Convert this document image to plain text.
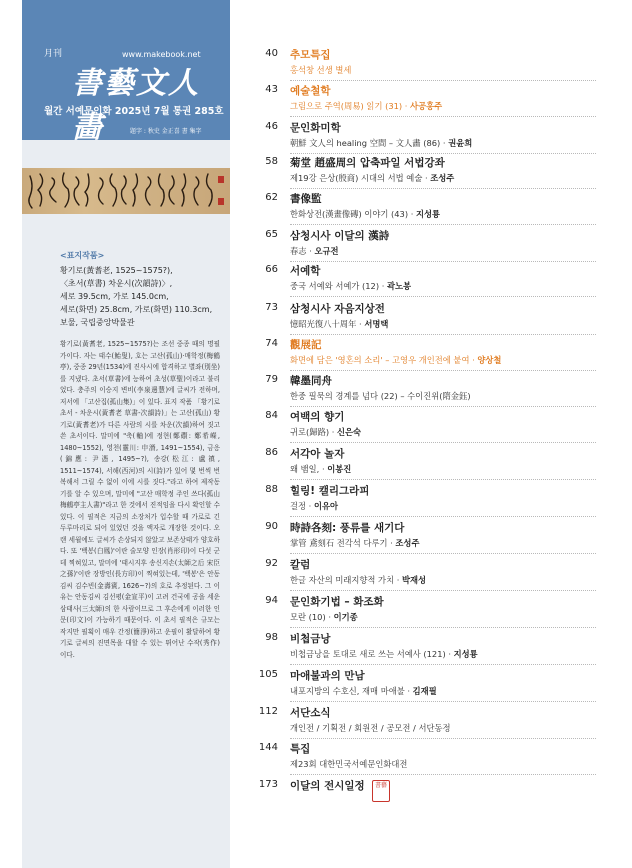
月刊	www.makebook.net
書藝文人畵
월간 서예문인화 2025년 7월 통권 285호
題字 : 秋史 金正喜 書 集字
<표지작품>
황기로(黃耆老, 1525~1575?),
〈초서(草書) 차운시(次韻詩)〉,
세로 39.5cm, 가로 145.0cm,
세로(화면) 25.8cm, 가로(화면) 110.3cm,
보물, 국립중앙박물관
황기로(黃耆老, 1525~1575?)는 조선 중종 때의 명필가이다. 자는 태수(鮐叟), 호는 고산(孤山)·매학정(梅鶴亭), 중종 29년(1534)에 진사시에 합격하고 별좌(別坐)를 지냈다. 초서(草書)에 능하여 초성(草聖)이라고 불리었다. 충주의 이승지 변비(李泉邊慧)에 글씨가 전하며, 저서에 「고산집(孤山集)」이 있다. 표지 작품 「황기로 초서 - 차운시(黃耆老 草書-次韻詩)」는 고산(孤山) 황기로(黃耆老)가 다른 사람의 시를 차운(次韻)하여 짓고 쓴 초서이다. 말미에 "축(軸)에 정현(鄭礥: 鄭希嶸, 1480~1552), 영천(靈川: 申潛, 1491~1554), 금응(錦應: 尹憑, 1495~?), 송강(松江: 盧禛, 1511~1574), 서해(西河)의 시(詩)가 있어 몇 번씩 번복해서 그릴 수 없이 이에 시를 짓다."라고 하여 제작동기를 알 수 있으며, 말미에 "고산 매학정 주인 쓰다(孤山梅鶴亭主人書)"라고 한 것에서 진적임을 다시 확인할 수 있다. 이 필적은 지금의 소장처가 입수할 때 가로로 긴 두루마리로 되어 있었던 것을 액자로 개장한 것이다. 오랜 세월에도 글씨가 손상되지 않았고 보존상태가 양호하다. 또 '백봉(白鳳)'이란 술모양 인장(肖形印)이 다섯 군데 찍혀있고, 말미에 '태시지후 송신지손(太師之后 宋臣之孫)'이란 장방인(長方印)이 찍혀있는데, '백봉'은 안동김씨 김수빈(金壽賓, 1626~?)의 호로 추정된다. 그 이유는 안동김씨 김선평(金宣平)이 고려 건국에 공을 세운 삼태사(三太師)의 한 사람이므로 그 후손에게 이러한 인문(印文)이 가능하기 때문이다. 이 초서 필적은 규모는 작지만 필획이 매우 간정(簡淨)하고 운필이 활달하여 황기로 글씨의 진면목을 대할 수 있는 뛰어난 수작(秀作)이다.
40 추모특집
홍석창 선생 별세
43 예술철학
그림으로 주역(周易) 읽기 (31) · 사공홍주
46 문인화미학
朝鮮 文人의 healing 空間 – 文人畵 (86) · 권윤희
58 菊堂 趙盛周의 압축파일 서법강좌
제19강 은상(殷商) 시대의 서법 예술 · 조성주
62 書像監
한화상전(漢畫像磚) 이야기 (43) · 지성룡
65 삼청시사 이달의 漢詩
春志 · 오규전
66 서예학
중국 서예와 서예가 (12) · 곽노봉
73 삼청시사 자음지상전
憶昭光復八十周年 · 서명택
74 觀展記
화면에 담은 '영혼의 소리' – 고영우 개인전에 붙여 · 양상철
79 韓墨同舟
한중 필묵의 경계를 넘다 (22) – 수이진위(隋金鈺)
84 여백의 향기
귀로(歸路) · 신은숙
86 서각아 놀자
왜 뱀일, · 이봉진
88 힐링! 캘리그라피
걸정 · 이유아
90 時詩各刻: 풍류를 새기다
掌管 鳶刻石 전각석 다루기 · 조성주
92 칼럼
한글 자산의 미래지향적 가치 · 박재성
94 문인화기법 – 화조화
모란 (10) · 이기종
98 비첩금낭
비첩금낭을 토대로 새로 쓰는 서예사 (121) · 지성룡
105 마애불과의 만남
내포지방의 수호신, 재매 마애불 · 김재필
112 서단소식
개인전 / 기획전 / 회원전 / 공모전 / 서단동정
144 특집
제23회 대한민국서예문인화대전
173 이달의 전시일정	書藝
